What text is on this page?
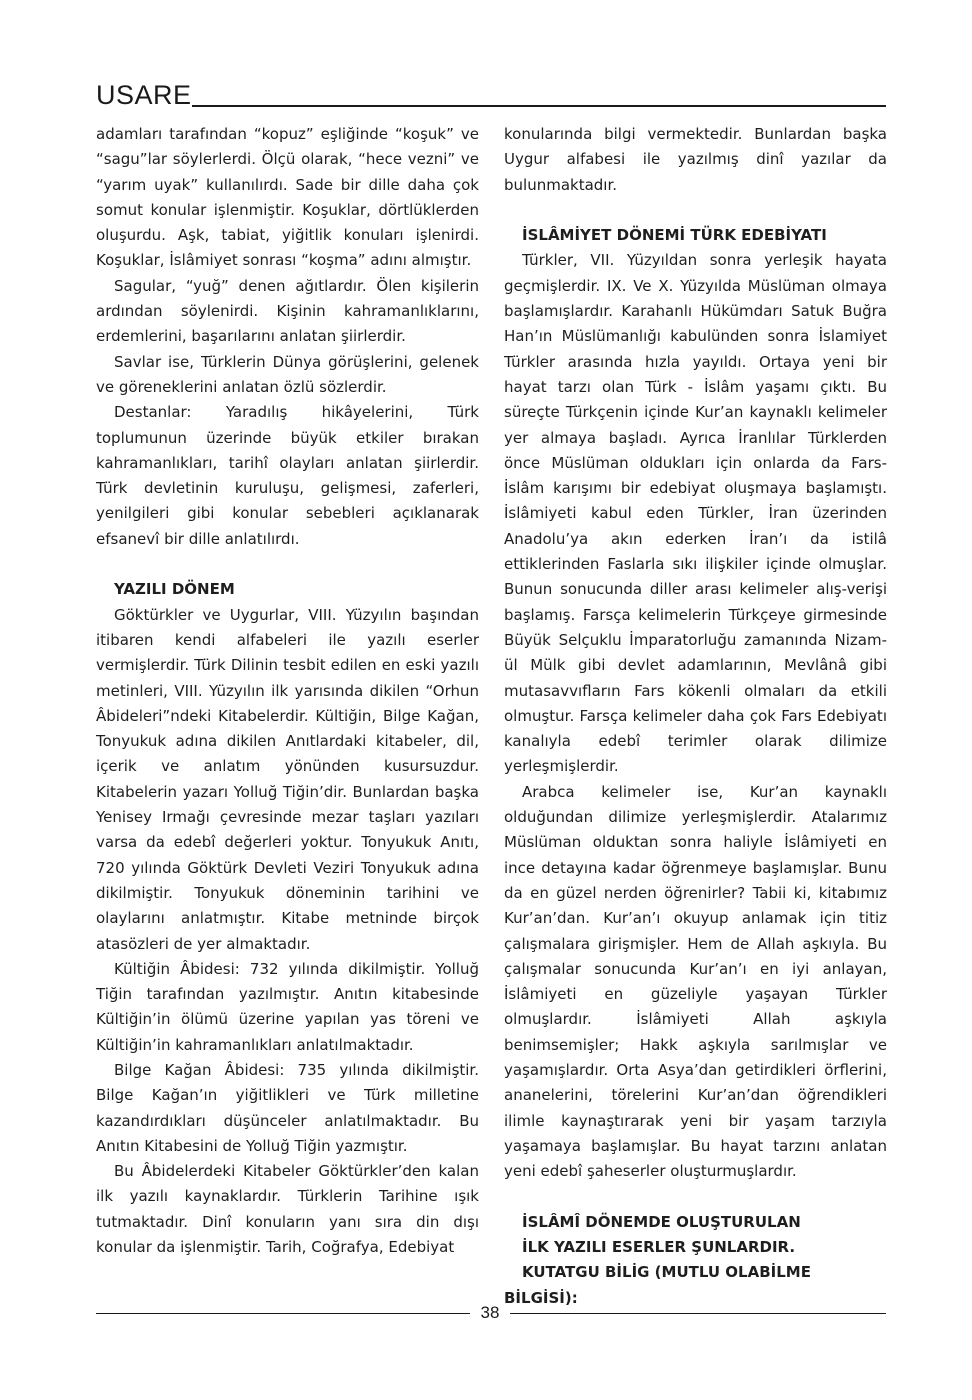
USARE

adamları tarafından “kopuz” eşliğinde “koşuk” ve “sagu”lar söylerlerdi. Ölçü olarak, “hece vezni” ve “yarım uyak” kullanılırdı. Sade bir dille daha çok somut konular işlenmiştir. Koşuklar, dörtlüklerden oluşurdu. Aşk, tabiat, yiğitlik konuları işlenirdi. Koşuklar, İslâmiyet sonrası “koşma” adını almıştır.

Sagular, “yuğ” denen ağıtlardır. Ölen kişilerin ardından söylenirdi. Kişinin kahramanlıklarını, erdemlerini, başarılarını anlatan şiirlerdir.

Savlar ise, Türklerin Dünya görüşlerini, gelenek ve göreneklerini anlatan özlü sözlerdir.

Destanlar: Yaradılış hikâyelerini, Türk toplumunun üzerinde büyük etkiler bırakan kahramanlıkları, tarihî olayları anlatan şiirlerdir. Türk devletinin kuruluşu, gelişmesi, zaferleri, yenilgileri gibi konular sebebleri açıklanarak efsanevî bir dille anlatılırdı.

YAZILI DÖNEM

Göktürkler ve Uygurlar, VIII. Yüzyılın başından itibaren kendi alfabeleri ile yazılı eserler vermişlerdir. Türk Dilinin tesbit edilen en eski yazılı metinleri, VIII. Yüzyılın ilk yarısında dikilen “Orhun Âbideleri”ndeki Kitabelerdir. Kültiğin, Bilge Kağan, Tonyukuk adına dikilen Anıtlardaki kitabeler, dil, içerik ve anlatım yönünden kusursuzdur. Kitabelerin yazarı Yolluğ Tiğin’dir. Bunlardan başka Yenisey Irmağı çevresinde mezar taşları yazıları varsa da edebî değerleri yoktur. Tonyukuk Anıtı, 720 yılında Göktürk Devleti Veziri Tonyukuk adına dikilmiştir. Tonyukuk döneminin tarihini ve olaylarını anlatmıştır. Kitabe metninde birçok atasözleri de yer almaktadır.

Kültiğin Âbidesi: 732 yılında dikilmiştir. Yolluğ Tiğin tarafından yazılmıştır. Anıtın kitabesinde Kültiğin’in ölümü üzerine yapılan yas töreni ve Kültiğin’in kahramanlıkları anlatılmaktadır.

Bilge Kağan Âbidesi: 735 yılında dikilmiştir. Bilge Kağan’ın yiğitlikleri ve Türk milletine kazandırdıkları düşünceler anlatılmaktadır. Bu Anıtın Kitabesini de Yolluğ Tiğin yazmıştır.

Bu Âbidelerdeki Kitabeler Göktürkler’den kalan ilk yazılı kaynaklardır. Türklerin Tarihine ışık tutmaktadır. Dinî konuların yanı sıra din dışı konular da işlenmiştir. Tarih, Coğrafya, Edebiyat

konularında bilgi vermektedir. Bunlardan başka Uygur alfabesi ile yazılmış dinî yazılar da bulunmaktadır.

İSLÂMİYET DÖNEMİ TÜRK EDEBİYATI

Türkler, VII. Yüzyıldan sonra yerleşik hayata geçmişlerdir. IX. Ve X. Yüzyılda Müslüman olmaya başlamışlardır. Karahanlı Hükümdarı Satuk Buğra Han’ın Müslümanlığı kabulünden sonra İslamiyet Türkler arasında hızla yayıldı. Ortaya yeni bir hayat tarzı olan Türk - İslâm yaşamı çıktı. Bu süreçte Türkçenin içinde Kur’an kaynaklı kelimeler yer almaya başladı. Ayrıca İranlılar Türklerden önce Müslüman oldukları için onlarda da Fars-İslâm karışımı bir edebiyat oluşmaya başlamıştı. İslâmiyeti kabul eden Türkler, İran üzerinden Anadolu’ya akın ederken İran’ı da istilâ ettiklerinden Faslarla sıkı ilişkiler içinde olmuşlar. Bunun sonucunda diller arası kelimeler alış-verişi başlamış. Farsça kelimelerin Türkçeye girmesinde Büyük Selçuklu İmparatorluğu zamanında Nizam-ül Mülk gibi devlet adamlarının, Mevlânâ gibi mutasavvıfların Fars kökenli olmaları da etkili olmuştur. Farsça kelimeler daha çok Fars Edebiyatı kanalıyla edebî terimler olarak dilimize yerleşmişlerdir.

Arabca kelimeler ise, Kur’an kaynaklı olduğundan dilimize yerleşmişlerdir. Atalarımız Müslüman olduktan sonra haliyle İslâmiyeti en ince detayına kadar öğrenmeye başlamışlar. Bunu da en güzel nerden öğrenirler? Tabii ki, kitabımız Kur’an’dan. Kur’an’ı okuyup anlamak için titiz çalışmalara girişmişler. Hem de Allah aşkıyla. Bu çalışmalar sonucunda Kur’an’ı en iyi anlayan, İslâmiyeti en güzeliyle yaşayan Türkler olmuşlardır. İslâmiyeti Allah aşkıyla benimsemişler; Hakk aşkıyla sarılmışlar ve yaşamışlardır. Orta Asya’dan getirdikleri örflerini, ananelerini, törelerini Kur’an’dan öğrendikleri ilimle kaynaştırarak yeni bir yaşam tarzıyla yaşamaya başlamışlar. Bu hayat tarzını anlatan yeni edebî şaheserler oluşturmuşlardır.

İSLÂMÎ DÖNEMDE OLUŞTURULAN
İLK YAZILI ESERLER ŞUNLARDIR.
KUTATGU BİLİG (MUTLU OLABİLME BİLGİSİ):

38
